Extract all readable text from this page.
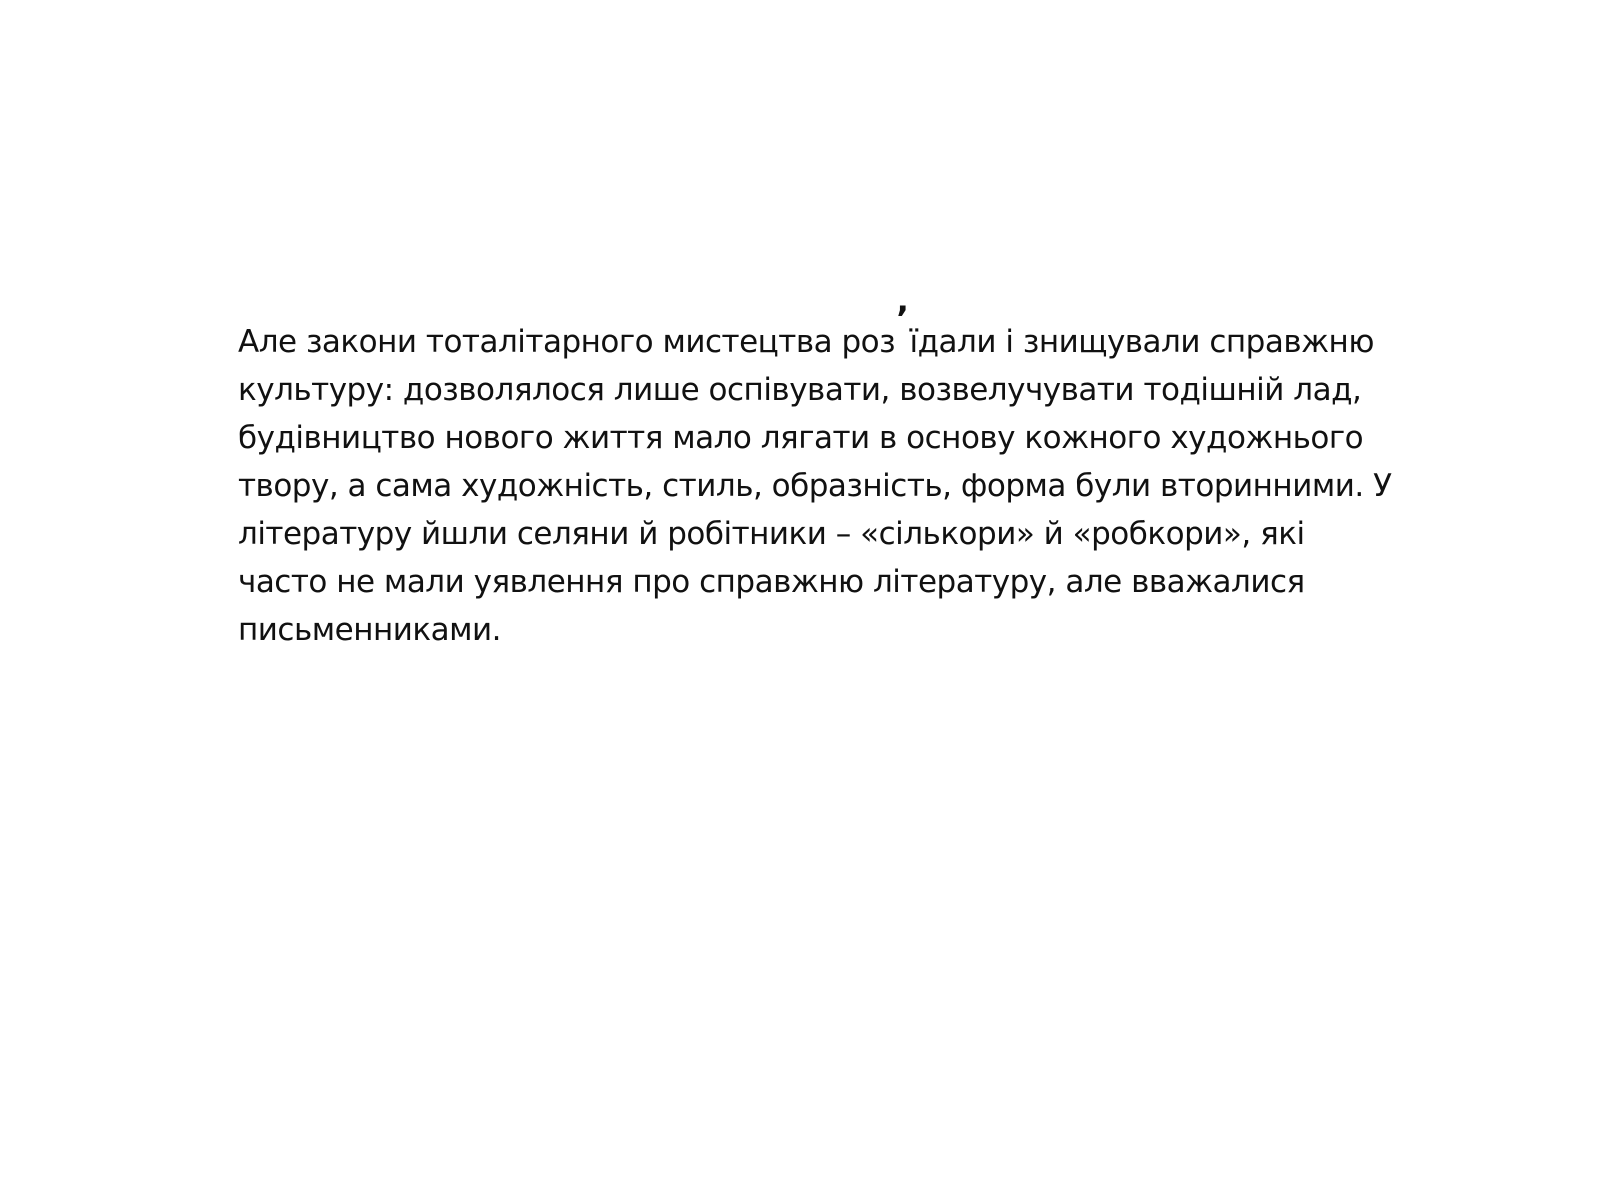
Але закони тоталітарного мистецтва роз’їдали і знищували справжню
культуру: дозволялося лише оспівувати, возвелучувати тодішній лад,
будівництво нового життя мало лягати в основу кожного художнього
твору, а сама художність, стиль, образність, форма були вторинними. У
літературу йшли селяни й робітники – «сількори» й «робкори», які
часто не мали уявлення про справжню літературу, але вважалися
письменниками.
